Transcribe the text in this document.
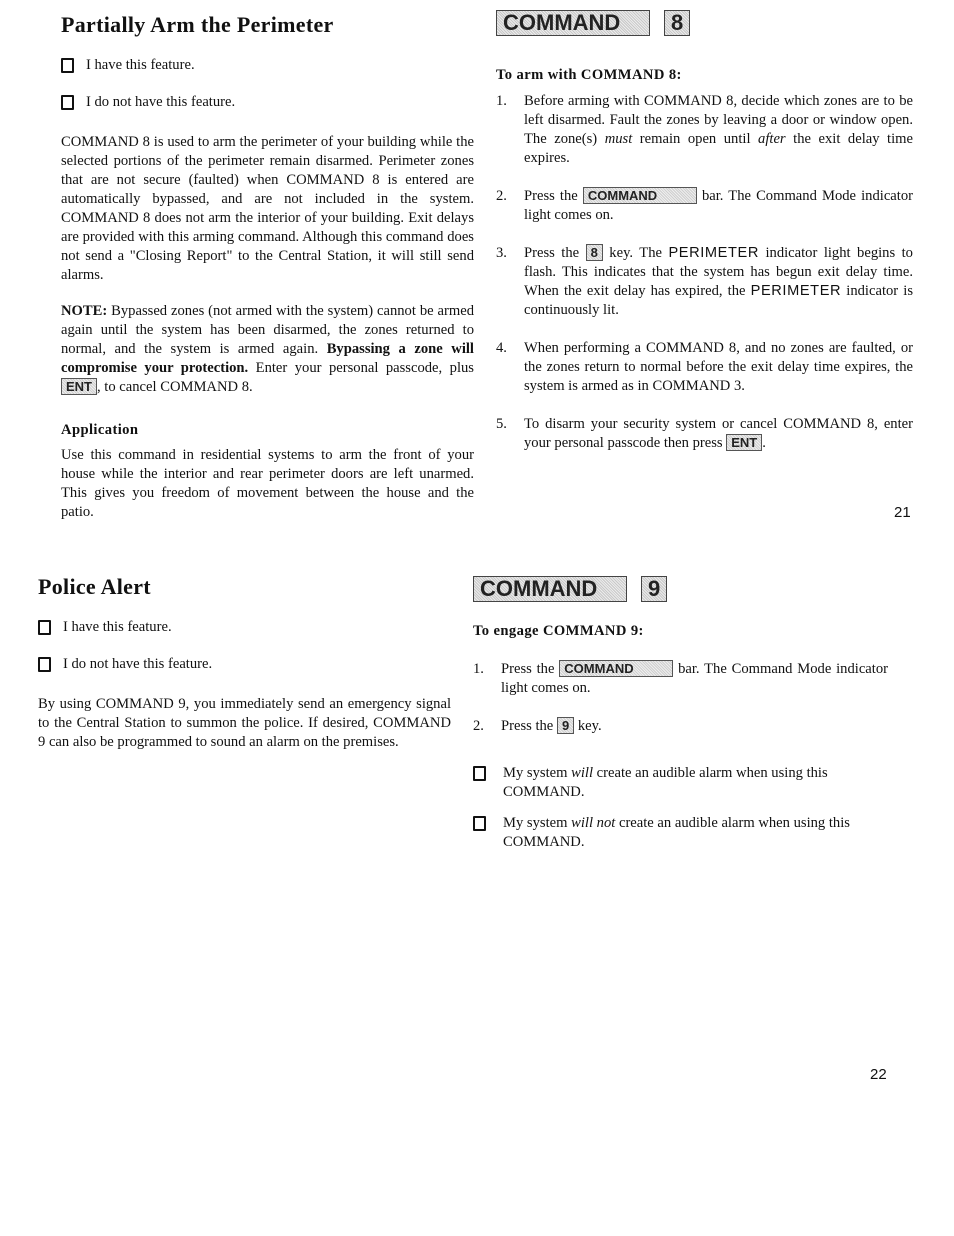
Partially Arm the Perimeter
I have this feature.
I do not have this feature.
COMMAND 8 is used to arm the perimeter of your building while the selected portions of the perimeter remain disarmed. Perimeter zones that are not secure (faulted) when COMMAND 8 is entered are automatically bypassed, and are not included in the system. COMMAND 8 does not arm the interior of your building. Exit delays are provided with this arming command. Although this command does not send a "Closing Report" to the Central Station, it will still send alarms.
NOTE: Bypassed zones (not armed with the system) cannot be armed again until the system has been disarmed, the zones returned to normal, and the system is armed again. Bypassing a zone will compromise your protection. Enter your personal passcode, plusENT , to cancel COMMAND 8.
Application
Use this command in residential systems to arm the front of your house while the interior and rear perimeter doors are left unarmed. This gives you freedom of movement between the house and the patio.
COMMAND 8
To arm with COMMAND 8:
1.	Before arming with COMMAND 8, decide which zones are to be left disarmed. Fault the zones by leaving a door or window open. The zone(s) must remain open until after the exit delay time expires.
2.	Press the COMMAND	bar. The Command Mode indicator light comes on.
3.	Press the 8 key. The PERIMETER indicator light begins to flash. This indicates that the system has begun exit delay time. When the exit delay has expired, the PERIMETER indicator is continuously lit.
4.	When performing a COMMAND 8, and no zones are faulted, or the zones return to normal before the exit delay time expires, the system is armed as in COMMAND 3.
5.	To disarm your security system or cancel COMMAND 8, enter your personal passcode then press ENT .
21
Police Alert
I have this feature.
I do not have this feature.
By using COMMAND 9, you immediately send an emergency signal to the Central Station to summon the police. If desired, COMMAND 9 can also be programmed to sound an alarm on the premises.
COMMAND 9
To engage COMMAND 9:
1.	Press the COMMAND	bar. The Command Mode indicator light comes on.
2.	Press the 9 key.
My system will create an audible alarm when using this COMMAND.
My system will not create an audible alarm when using this COMMAND.
22
